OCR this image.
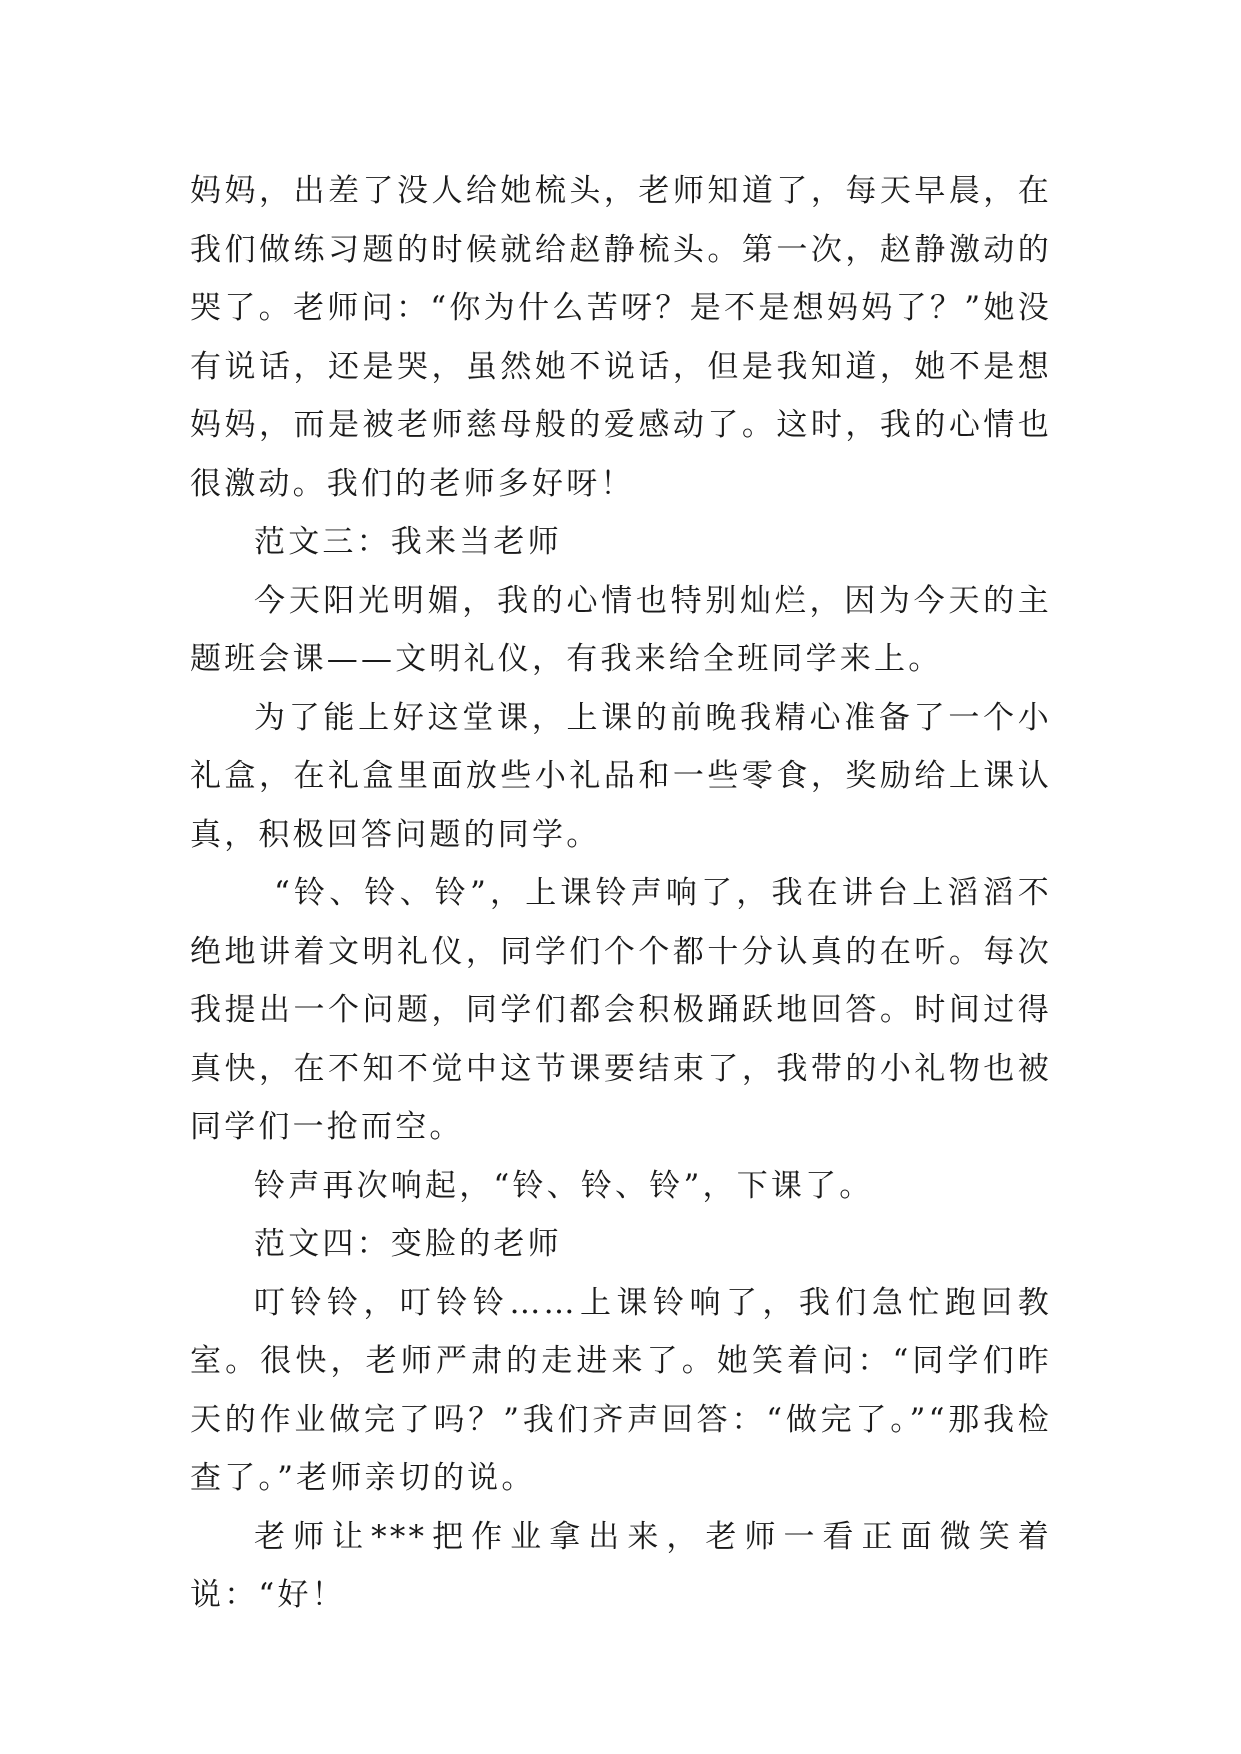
妈妈，出差了没人给她梳头，老师知道了，每天早晨，在我们做练习题的时候就给赵静梳头。第一次，赵静激动的哭了。老师问：“你为什么苦呀？是不是想妈妈了？”她没有说话，还是哭，虽然她不说话，但是我知道，她不是想妈妈，而是被老师慈母般的爱感动了。这时，我的心情也很激动。我们的老师多好呀！

范文三：我来当老师

今天阳光明媚，我的心情也特别灿烂，因为今天的主题班会课——文明礼仪，有我来给全班同学来上。

为了能上好这堂课，上课的前晚我精心准备了一个小礼盒，在礼盒里面放些小礼品和一些零食，奖励给上课认真，积极回答问题的同学。

“铃、铃、铃”，上课铃声响了，我在讲台上滔滔不绝地讲着文明礼仪，同学们个个都十分认真的在听。每次我提出一个问题，同学们都会积极踊跃地回答。时间过得真快，在不知不觉中这节课要结束了，我带的小礼物也被同学们一抢而空。

铃声再次响起，“铃、铃、铃”，下课了。

范文四：变脸的老师

叮铃铃，叮铃铃……上课铃响了，我们急忙跑回教室。很快，老师严肃的走进来了。她笑着问：“同学们昨天的作业做完了吗？”我们齐声回答：“做完了。”“那我检查了。”老师亲切的说。

老师让***把作业拿出来，老师一看正面微笑着说：“好！
